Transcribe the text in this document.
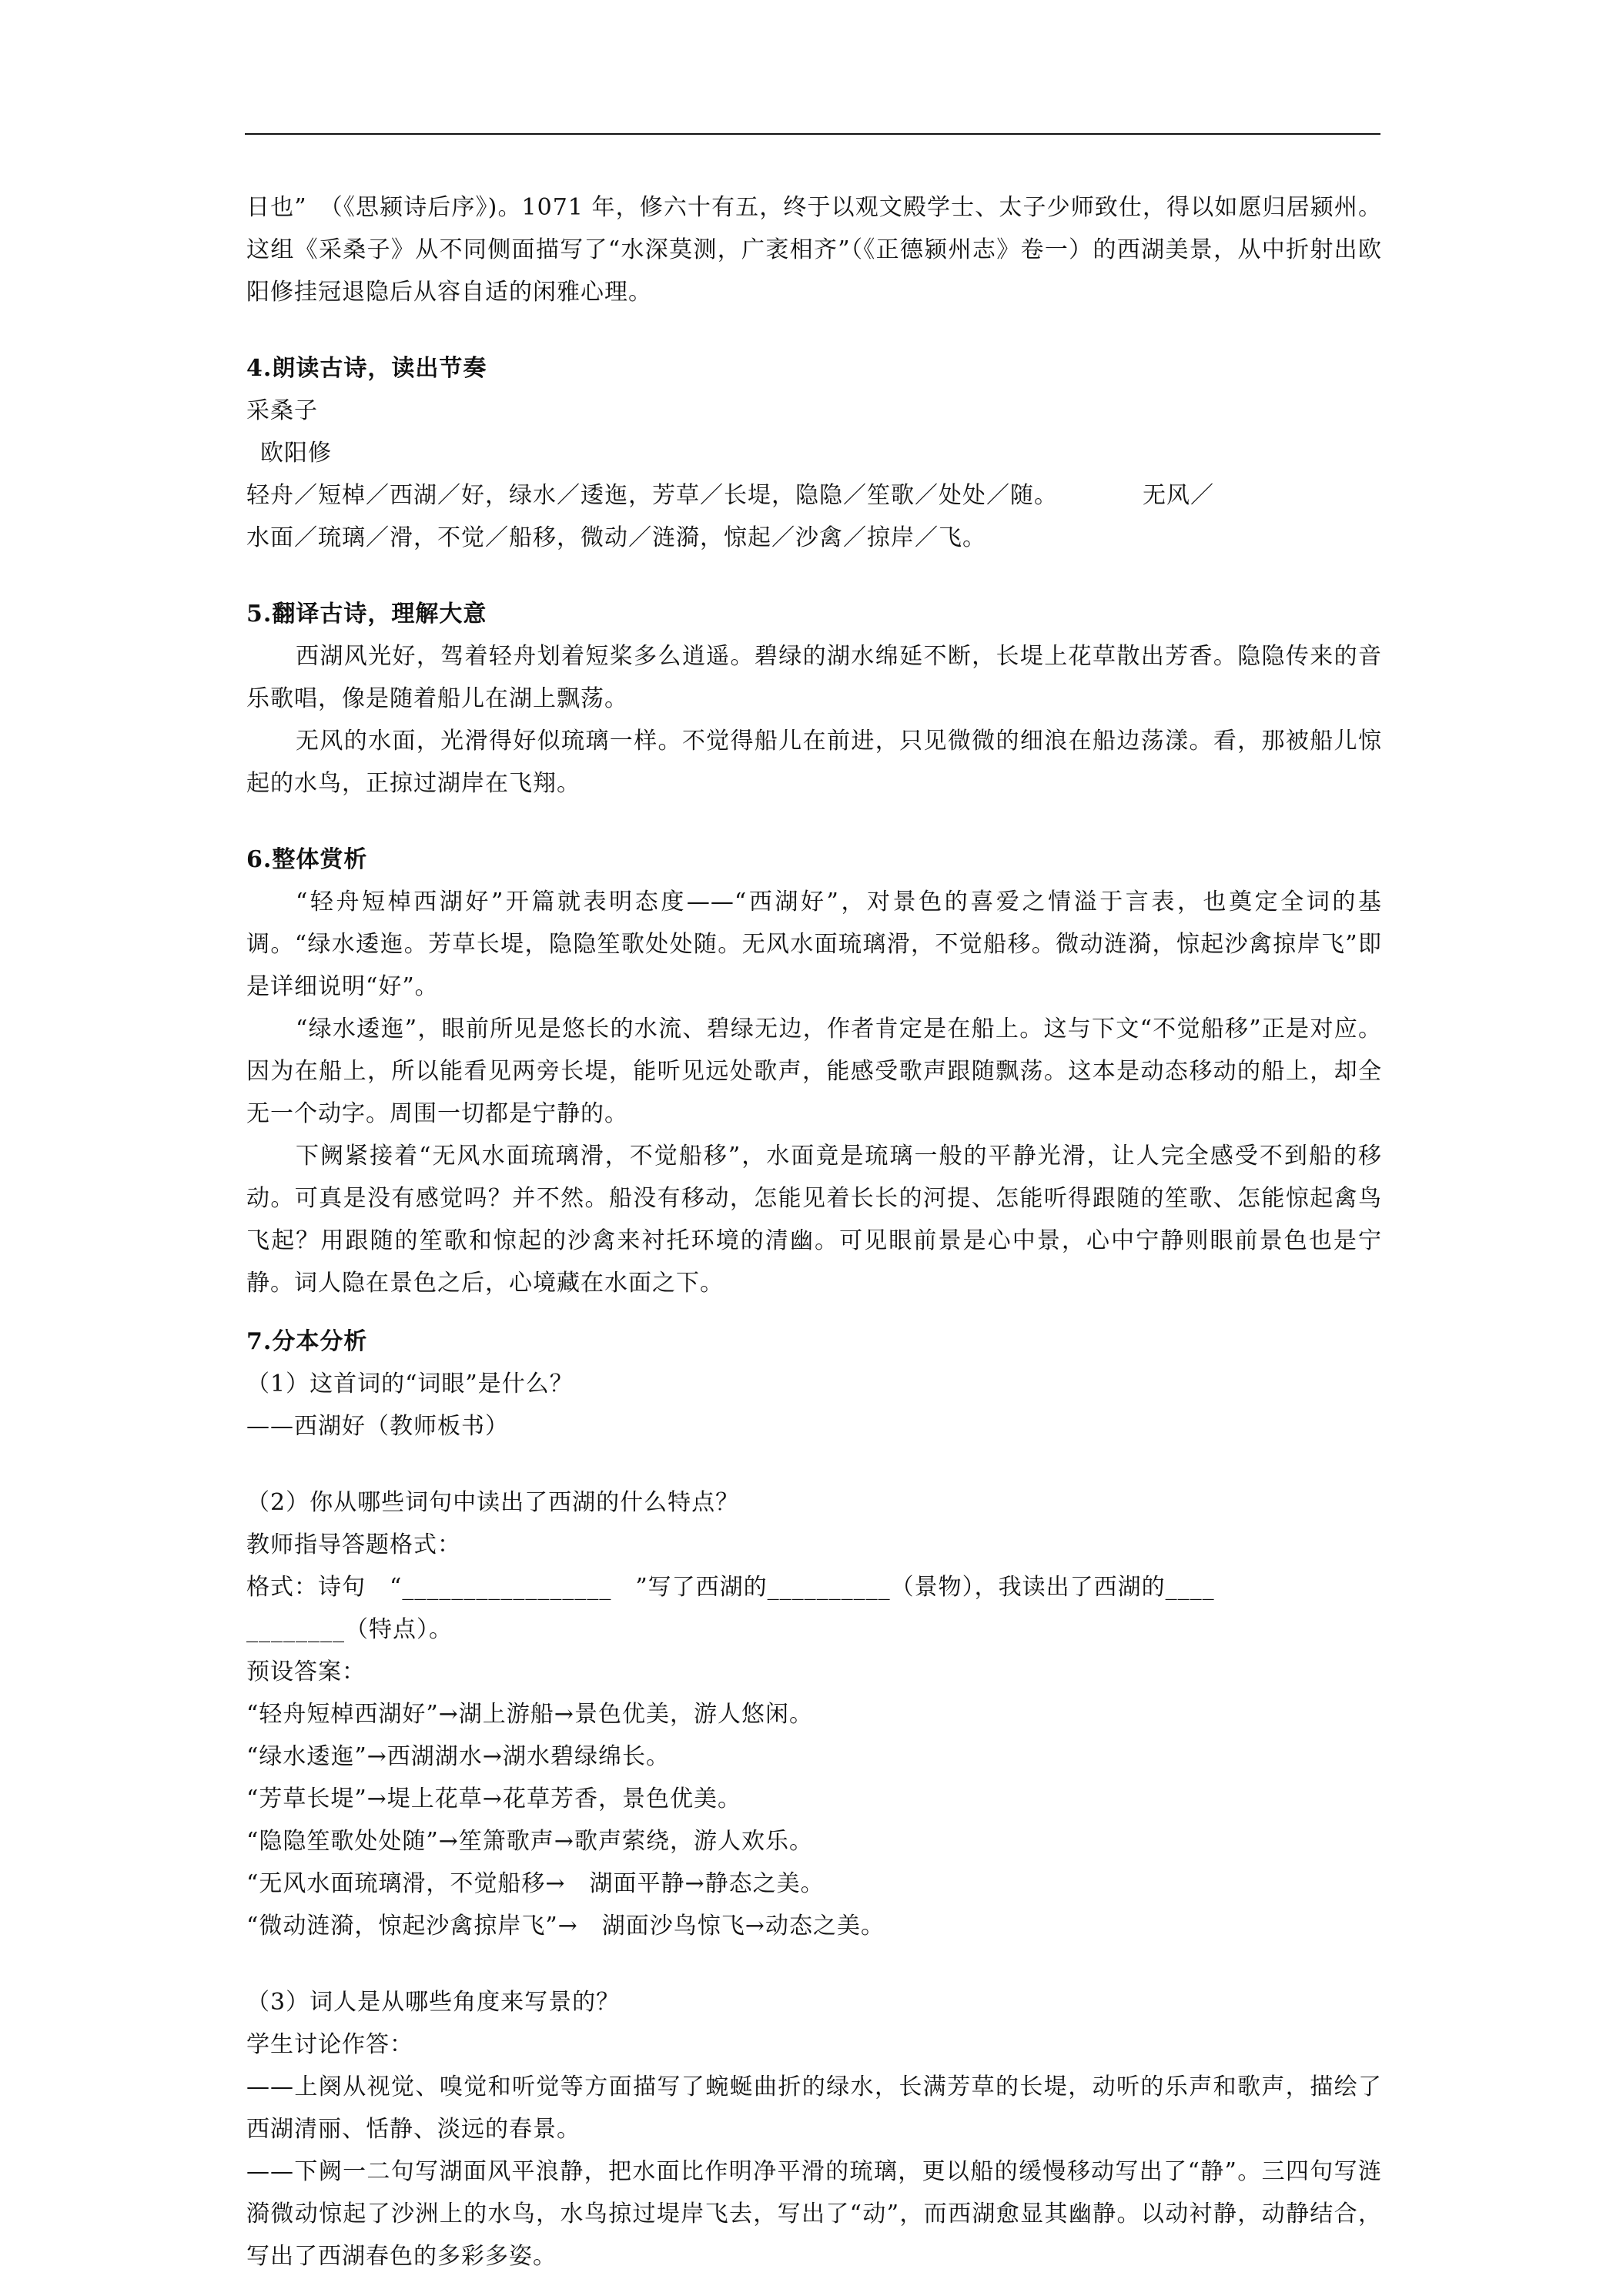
日也”　（《思颍诗后序》)。1071 年，修六十有五，终于以观文殿学士、太子少师致仕，得以如愿归居颍州。这组《采桑子》从不同侧面描写了“水深莫测，广袤相齐”（《正德颍州志》卷一）的西湖美景，从中折射出欧阳修挂冠退隐后从容自适的闲雅心理。

4.朗读古诗，读出节奏

采桑子

欧阳修

轻舟／短棹／西湖／好，绿水／逶迤，芳草／长堤，隐隐／笙歌／处处／随。	无风／

水面／琉璃／滑，不觉／船移，微动／涟漪，惊起／沙禽／掠岸／飞。

5.翻译古诗，理解大意

西湖风光好，驾着轻舟划着短桨多么逍遥。碧绿的湖水绵延不断，长堤上花草散出芳香。隐隐传来的音乐歌唱，像是随着船儿在湖上飘荡。

无风的水面，光滑得好似琉璃一样。不觉得船儿在前进，只见微微的细浪在船边荡漾。看，那被船儿惊起的水鸟，正掠过湖岸在飞翔。

6.整体赏析

“轻舟短棹西湖好”开篇就表明态度——“西湖好”，对景色的喜爱之情溢于言表，也奠定全词的基调。“绿水逶迤。芳草长堤，隐隐笙歌处处随。无风水面琉璃滑，不觉船移。微动涟漪，惊起沙禽掠岸飞”即是详细说明“好”。

“绿水逶迤”，眼前所见是悠长的水流、碧绿无边，作者肯定是在船上。这与下文“不觉船移”正是对应。因为在船上，所以能看见两旁长堤，能听见远处歌声，能感受歌声跟随飘荡。这本是动态移动的船上，却全无一个动字。周围一切都是宁静的。

下阙紧接着“无风水面琉璃滑，不觉船移”，水面竟是琉璃一般的平静光滑，让人完全感受不到船的移动。可真是没有感觉吗？并不然。船没有移动，怎能见着长长的河提、怎能听得跟随的笙歌、怎能惊起禽鸟飞起？用跟随的笙歌和惊起的沙禽来衬托环境的清幽。可见眼前景是心中景，心中宁静则眼前景色也是宁静。词人隐在景色之后，心境藏在水面之下。

7.分本分析

（1）这首词的“词眼”是什么？

——西湖好（教师板书）

（2）你从哪些词句中读出了西湖的什么特点？

教师指导答题格式：

格式：诗句　“_________________　”写了西湖的__________（景物），我读出了西湖的____

________（特点）。

预设答案：

“轻舟短棹西湖好”→湖上游船→景色优美，游人悠闲。

“绿水逶迤”→西湖湖水→湖水碧绿绵长。

“芳草长堤”→堤上花草→花草芳香，景色优美。

“隐隐笙歌处处随”→笙箫歌声→歌声萦绕，游人欢乐。

“无风水面琉璃滑，不觉船移→　湖面平静→静态之美。

“微动涟漪，惊起沙禽掠岸飞”→　湖面沙鸟惊飞→动态之美。

（3）词人是从哪些角度来写景的？

学生讨论作答：

——上阕从视觉、嗅觉和听觉等方面描写了蜿蜒曲折的绿水，长满芳草的长堤，动听的乐声和歌声，描绘了西湖清丽、恬静、淡远的春景。

——下阙一二句写湖面风平浪静，把水面比作明净平滑的琉璃，更以船的缓慢移动写出了“静”。三四句写涟漪微动惊起了沙洲上的水鸟，水鸟掠过堤岸飞去，写出了“动”，而西湖愈显其幽静。以动衬静，动静结合，写出了西湖春色的多彩多姿。
